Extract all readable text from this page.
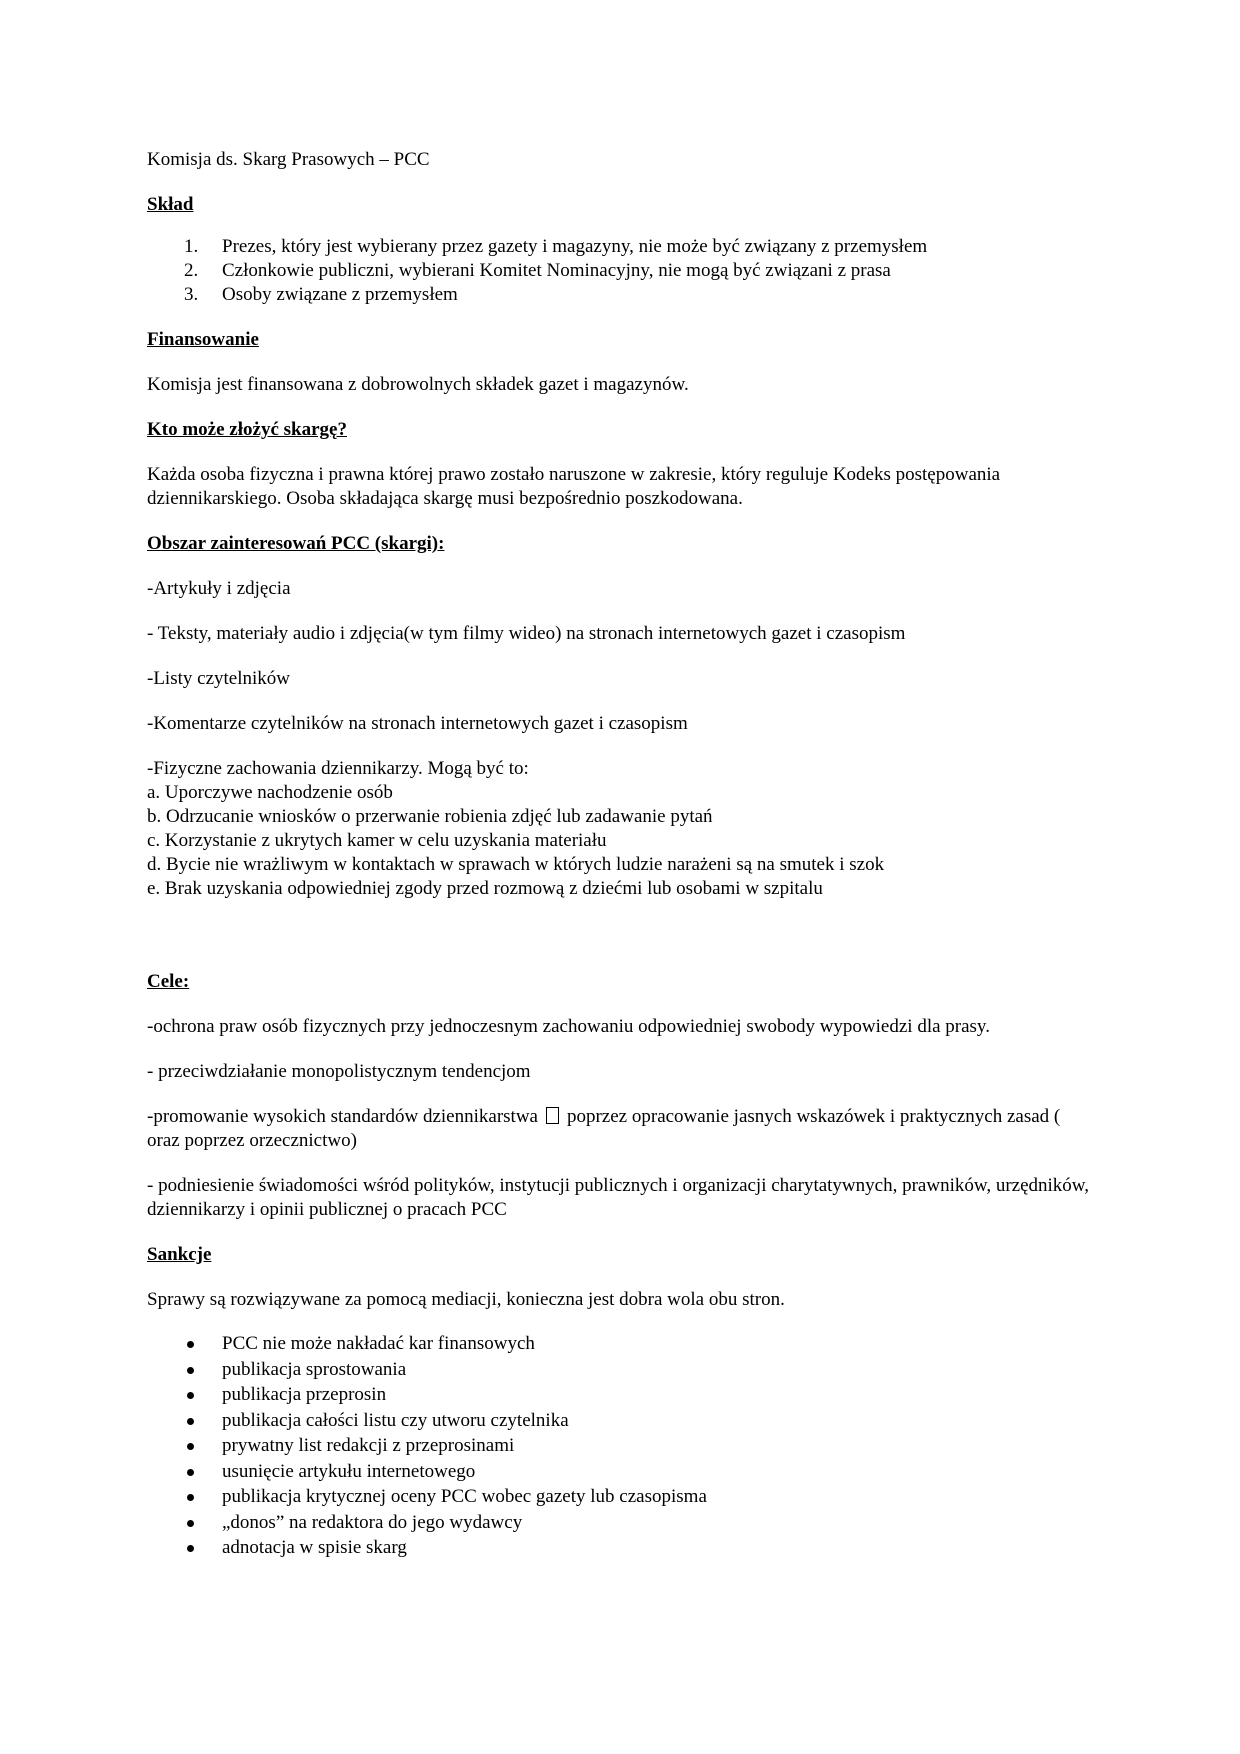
Komisja ds. Skarg Prasowych – PCC

Skład

1. Prezes, który jest wybierany przez gazety i magazyny, nie może być związany z przemysłem
2. Członkowie publiczni, wybierani Komitet Nominacyjny, nie mogą być związani z prasa
3. Osoby związane z przemysłem

Finansowanie

Komisja jest finansowana z dobrowolnych składek gazet i magazynów.

Kto może złożyć skargę?

Każda osoba fizyczna i prawna której prawo zostało naruszone w zakresie, który reguluje Kodeks postępowania dziennikarskiego. Osoba składająca skargę musi bezpośrednio poszkodowana.

Obszar zainteresowań PCC (skargi):

-Artykuły i zdjęcia

- Teksty, materiały audio i zdjęcia(w tym filmy wideo) na stronach internetowych gazet i czasopism

-Listy czytelników

-Komentarze czytelników na stronach internetowych gazet i czasopism

-Fizyczne zachowania dziennikarzy. Mogą być to:

a. Uporczywe nachodzenie osób

b. Odrzucanie wniosków o przerwanie robienia zdjęć lub zadawanie pytań

c. Korzystanie z ukrytych kamer w celu uzyskania materiału

d. Bycie nie wrażliwym w kontaktach w sprawach w których ludzie narażeni są na smutek i szok

e. Brak uzyskania odpowiedniej zgody przed rozmową z dziećmi lub osobami w szpitalu

Cele:

-ochrona praw osób fizycznych przy jednoczesnym zachowaniu odpowiedniej swobody wypowiedzi dla prasy.

- przeciwdziałanie monopolistycznym tendencjom

-promowanie wysokich standardów dziennikarstwa poprzez opracowanie jasnych wskazówek i praktycznych zasad ( oraz poprzez orzecznictwo)

- podniesienie świadomości wśród polityków, instytucji publicznych i organizacji charytatywnych, prawników, urzędników, dziennikarzy i opinii publicznej o pracach PCC

Sankcje

Sprawy są rozwiązywane za pomocą mediacji, konieczna jest dobra wola obu stron.

PCC nie może nakładać kar finansowych
publikacja sprostowania
publikacja przeprosin
publikacja całości listu czy utworu czytelnika
prywatny list redakcji z przeprosinami
usunięcie artykułu internetowego
publikacja krytycznej oceny PCC wobec gazety lub czasopisma
„donos” na redaktora do jego wydawcy
adnotacja w spisie skarg
